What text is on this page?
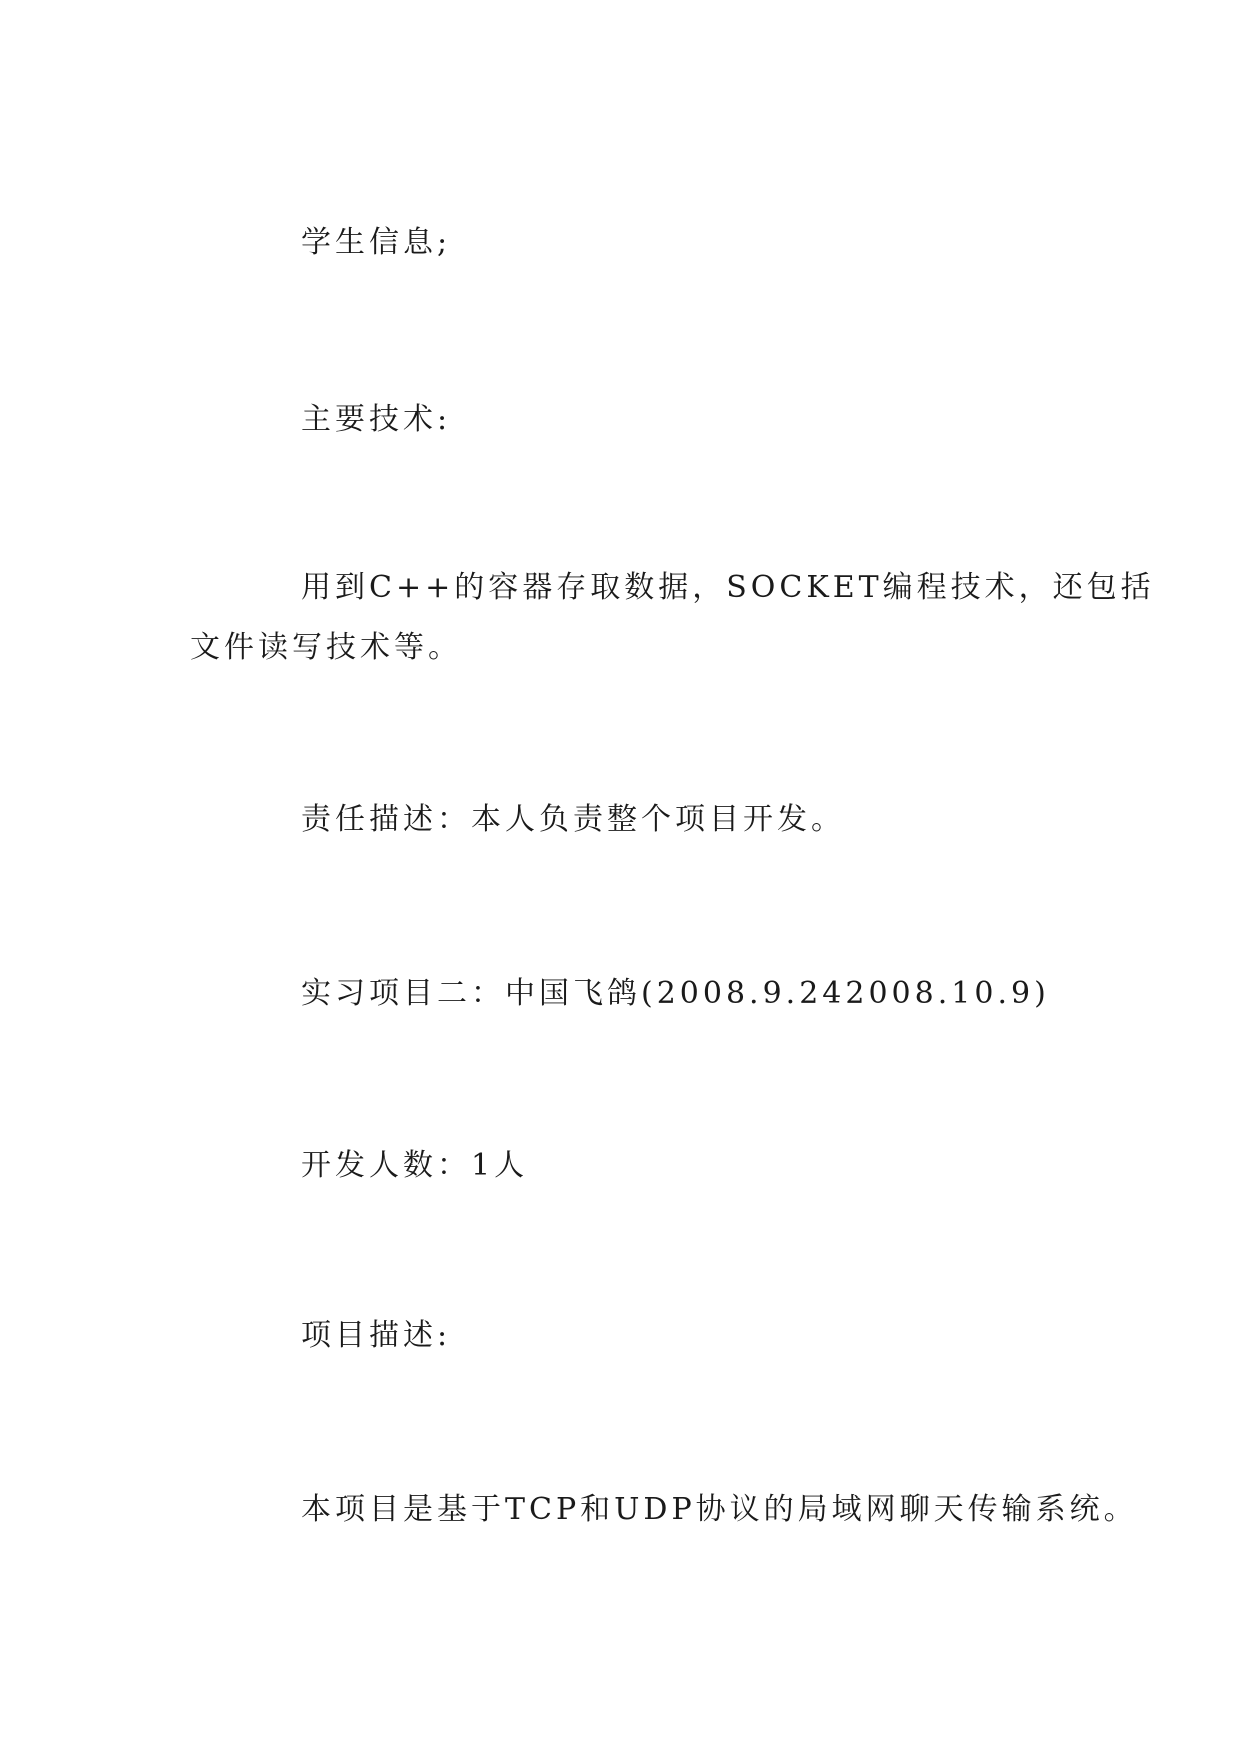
学生信息;

主要技术:

用到C++的容器存取数据，SOCKET编程技术，还包括

文件读写技术等。

责任描述：本人负责整个项目开发。

实习项目二：中国飞鸽(2008.9.242008.10.9)

开发人数：1人

项目描述:

本项目是基于TCP和UDP协议的局域网聊天传输系统。
